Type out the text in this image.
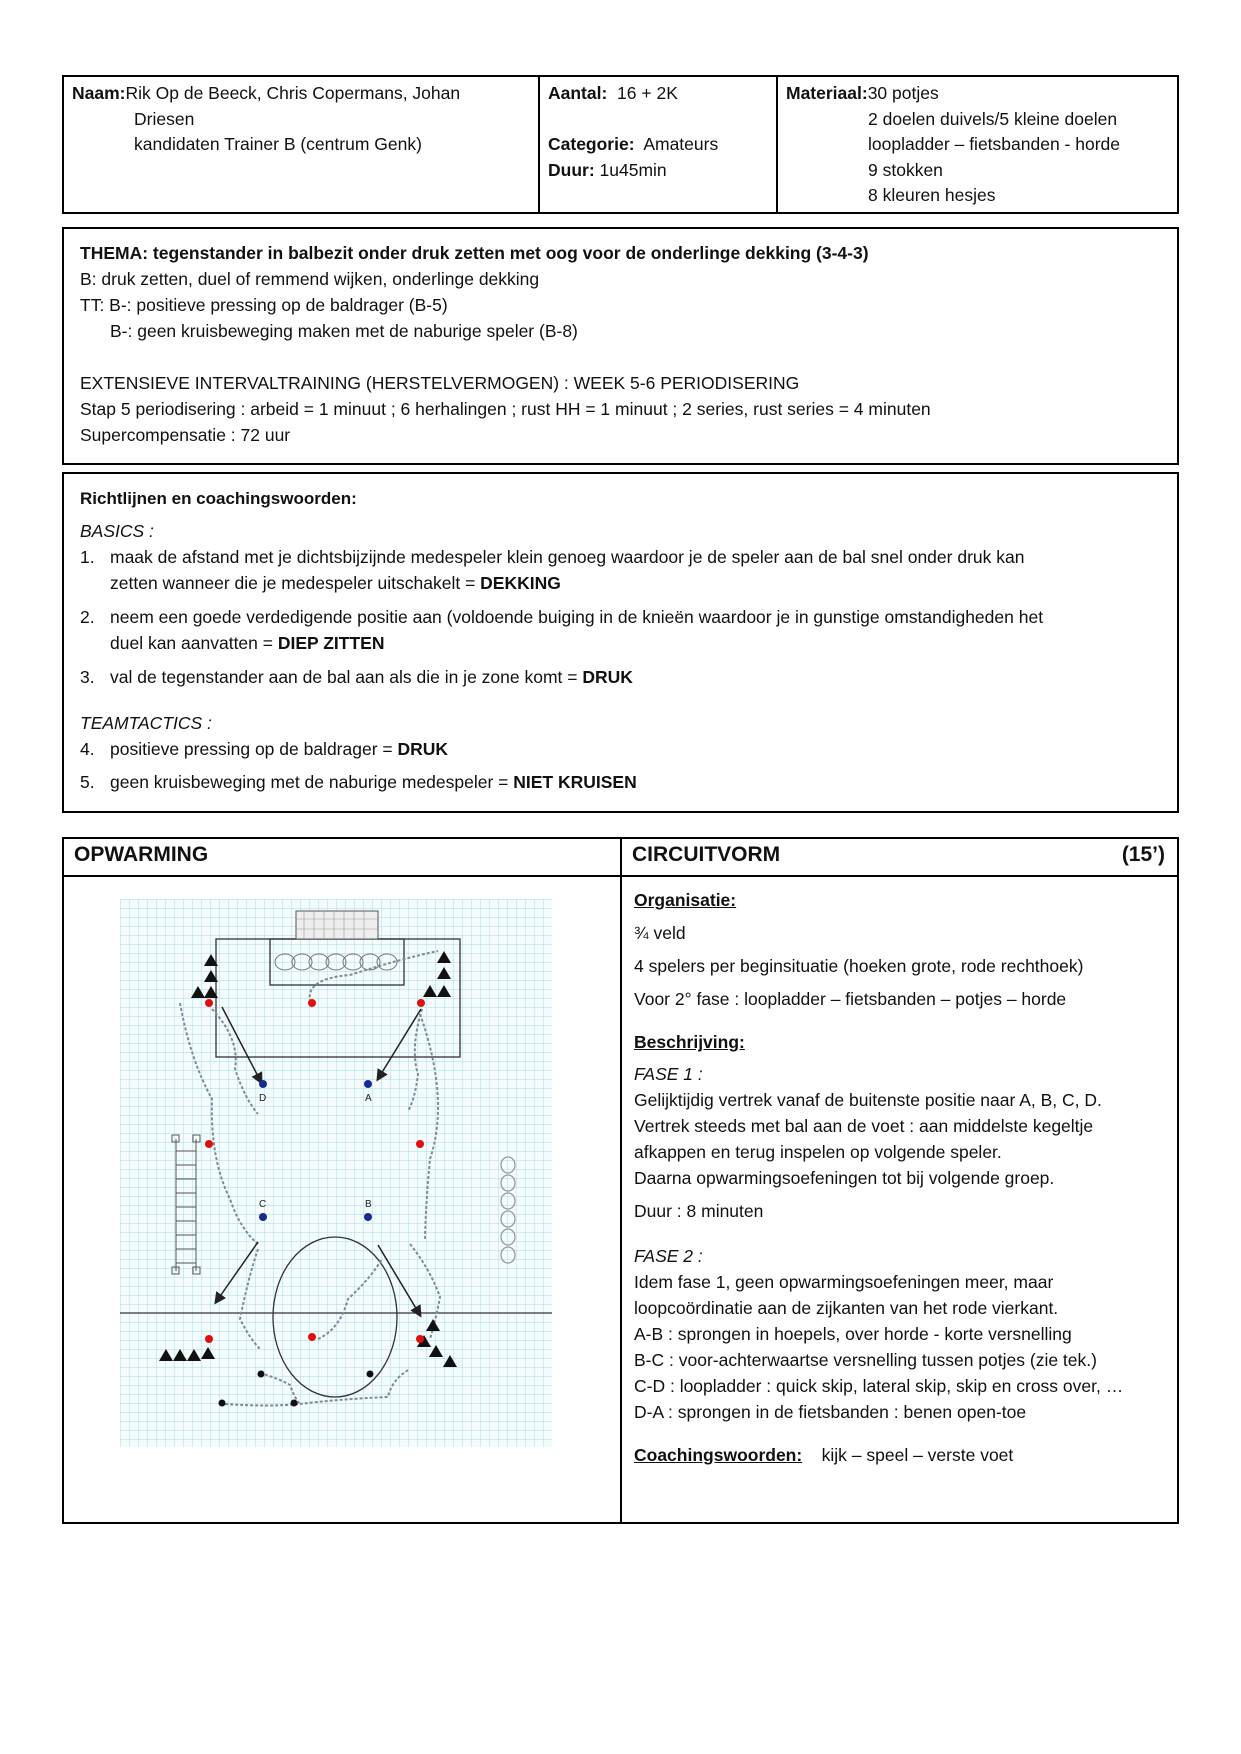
Naam:Rik Op de Beeck, Chris Copermans, Johan
Driesen
kandidaten Trainer B (centrum Genk)
Aantal: 16 + 2K
Categorie: Amateurs
Duur: 1u45min
Materiaal:30 potjes
2 doelen duivels/5 kleine doelen
loopladder – fietsbanden - horde
9 stokken
8 kleuren hesjes
THEMA: tegenstander in balbezit onder druk zetten met oog voor de onderlinge dekking (3-4-3)
B: druk zetten, duel of remmend wijken, onderlinge dekking
TT: B-: positieve pressing op de baldrager (B-5)
B-: geen kruisbeweging maken met de naburige speler (B-8)
EXTENSIEVE INTERVALTRAINING (HERSTELVERMOGEN) : WEEK 5-6 PERIODISERING
Stap 5 periodisering : arbeid = 1 minuut ; 6 herhalingen ; rust HH = 1 minuut ; 2 series, rust series = 4 minuten
Supercompensatie : 72 uur
Richtlijnen en coachingswoorden:
BASICS :
1. maak de afstand met je dichtsbijzijnde medespeler klein genoeg waardoor je de speler aan de bal snel onder druk kan
zetten wanneer die je medespeler uitschakelt = DEKKING
2. neem een goede verdedigende positie aan (voldoende buiging in de knieën waardoor je in gunstige omstandigheden het
duel kan aanvatten = DIEP ZITTEN
3. val de tegenstander aan de bal aan als die in je zone komt = DRUK
TEAMTACTICS :
4. positieve pressing op de baldrager = DRUK
5. geen kruisbeweging met de naburige medespeler = NIET KRUISEN
OPWARMING	CIRCUITVORM	(15’)
D	A
C	B
Organisatie:
¾ veld
4 spelers per beginsituatie (hoeken grote, rode rechthoek)
Voor 2° fase : loopladder – fietsbanden – potjes – horde
Beschrijving:
FASE 1 :
Gelijktijdig vertrek vanaf de buitenste positie naar A, B, C, D.
Vertrek steeds met bal aan de voet : aan middelste kegeltje
afkappen en terug inspelen op volgende speler.
Daarna opwarmingsoefeningen tot bij volgende groep.
Duur : 8 minuten
FASE 2 :
Idem fase 1, geen opwarmingsoefeningen meer, maar
loopcoördinatie aan de zijkanten van het rode vierkant.
A-B : sprongen in hoepels, over horde - korte versnelling
B-C : voor-achterwaartse versnelling tussen potjes (zie tek.)
C-D : loopladder : quick skip, lateral skip, skip en cross over, …
D-A : sprongen in de fietsbanden : benen open-toe
Coachingswoorden: kijk – speel – verste voet
